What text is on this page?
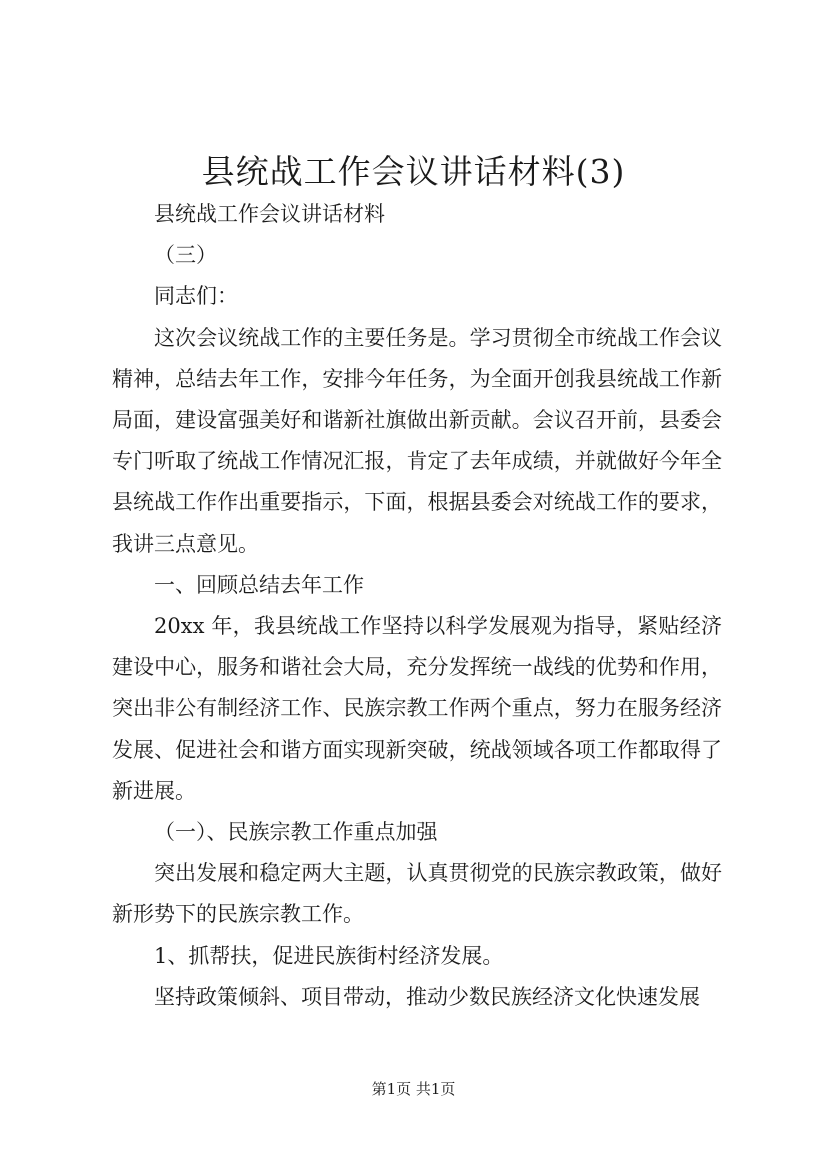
县统战工作会议讲话材料(3)

县统战工作会议讲话材料

（三）

同志们：

这次会议统战工作的主要任务是。学习贯彻全市统战工作会议精神，总结去年工作，安排今年任务，为全面开创我县统战工作新局面，建设富强美好和谐新社旗做出新贡献。会议召开前，县委会专门听取了统战工作情况汇报，肯定了去年成绩，并就做好今年全县统战工作作出重要指示，下面，根据县委会对统战工作的要求，我讲三点意见。

一、回顾总结去年工作

20xx 年，我县统战工作坚持以科学发展观为指导，紧贴经济建设中心，服务和谐社会大局，充分发挥统一战线的优势和作用，突出非公有制经济工作、民族宗教工作两个重点，努力在服务经济发展、促进社会和谐方面实现新突破，统战领域各项工作都取得了新进展。

（一）、民族宗教工作重点加强

突出发展和稳定两大主题，认真贯彻党的民族宗教政策，做好新形势下的民族宗教工作。

1、抓帮扶，促进民族街村经济发展。

坚持政策倾斜、项目带动，推动少数民族经济文化快速发展

第1页 共1页
